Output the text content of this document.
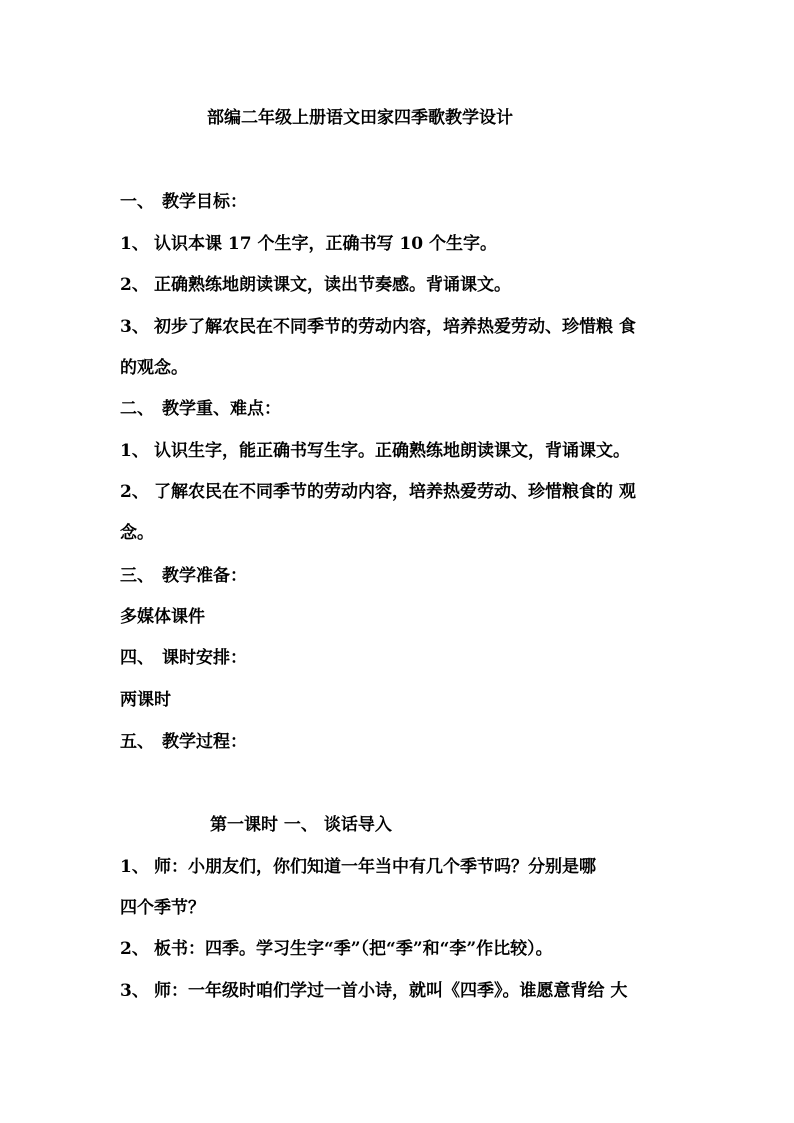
部编二年级上册语文田家四季歌教学设计
一、 教学目标：
1、 认识本课 17 个生字，正确书写 10 个生字。
2、 正确熟练地朗读课文，读出节奏感。背诵课文。
3、 初步了解农民在不同季节的劳动内容，培养热爱劳动、珍惜粮 食
的观念。
二、 教学重、难点：
1、 认识生字，能正确书写生字。正确熟练地朗读课文，背诵课文。
2、 了解农民在不同季节的劳动内容，培养热爱劳动、珍惜粮食的 观
念。
三、 教学准备：
多媒体课件
四、 课时安排：
两课时
五、 教学过程：
第一课时 一、 谈话导入
1、 师：小朋友们，你们知道一年当中有几个季节吗？分别是哪
四个季节？
2、 板书：四季。学习生字“季”（把“季”和“李”作比较）。
3、 师：一年级时咱们学过一首小诗，就叫《四季》。谁愿意背给 大
